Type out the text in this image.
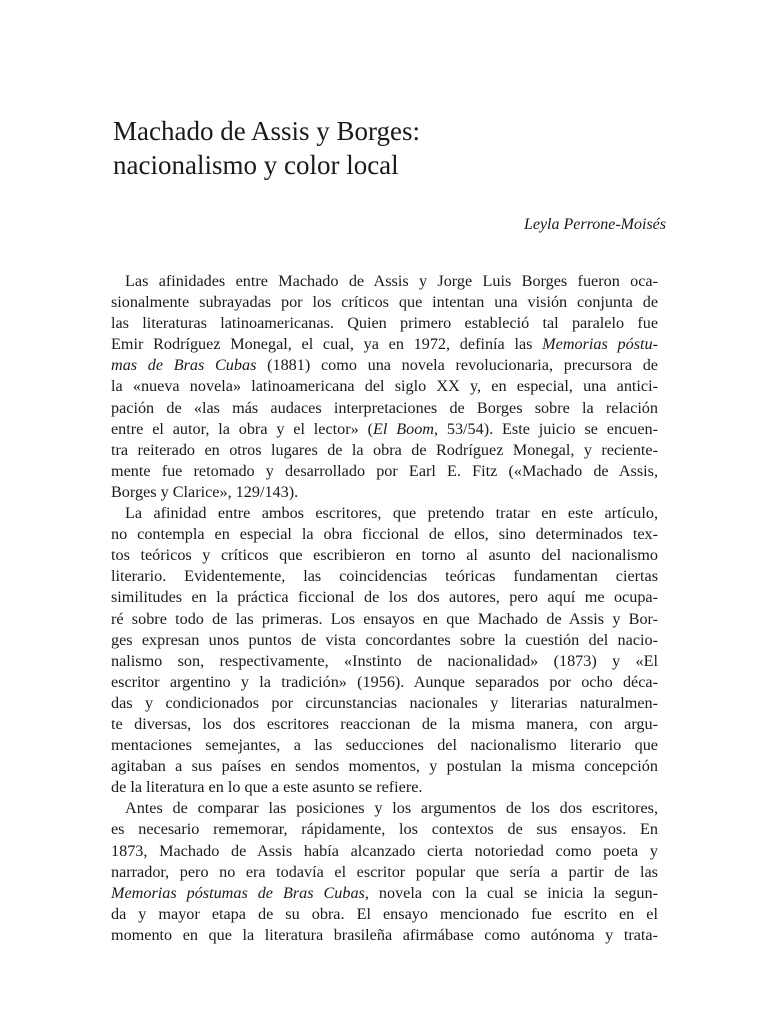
Machado de Assis y Borges:
nacionalismo y color local
Leyla Perrone-Moisés
Las afinidades entre Machado de Assis y Jorge Luis Borges fueron oca-
sionalmente subrayadas por los críticos que intentan una visión conjunta de
las literaturas latinoamericanas. Quien primero estableció tal paralelo fue
Emir Rodríguez Monegal, el cual, ya en 1972, definía las Memorias póstu-
mas de Bras Cubas (1881) como una novela revolucionaria, precursora de
la «nueva novela» latinoamericana del siglo XX y, en especial, una antici-
pación de «las más audaces interpretaciones de Borges sobre la relación
entre el autor, la obra y el lector» (El Boom, 53/54). Este juicio se encuen-
tra reiterado en otros lugares de la obra de Rodríguez Monegal, y reciente-
mente fue retomado y desarrollado por Earl E. Fitz («Machado de Assis,
Borges y Clarice», 129/143).
La afinidad entre ambos escritores, que pretendo tratar en este artículo,
no contempla en especial la obra ficcional de ellos, sino determinados tex-
tos teóricos y críticos que escribieron en torno al asunto del nacionalismo
literario. Evidentemente, las coincidencias teóricas fundamentan ciertas
similitudes en la práctica ficcional de los dos autores, pero aquí me ocupa-
ré sobre todo de las primeras. Los ensayos en que Machado de Assis y Bor-
ges expresan unos puntos de vista concordantes sobre la cuestión del nacio-
nalismo son, respectivamente, «Instinto de nacionalidad» (1873) y «El
escritor argentino y la tradición» (1956). Aunque separados por ocho déca-
das y condicionados por circunstancias nacionales y literarias naturalmen-
te diversas, los dos escritores reaccionan de la misma manera, con argu-
mentaciones semejantes, a las seducciones del nacionalismo literario que
agitaban a sus países en sendos momentos, y postulan la misma concepción
de la literatura en lo que a este asunto se refiere.
Antes de comparar las posiciones y los argumentos de los dos escritores,
es necesario rememorar, rápidamente, los contextos de sus ensayos. En
1873, Machado de Assis había alcanzado cierta notoriedad como poeta y
narrador, pero no era todavía el escritor popular que sería a partir de las
Memorias póstumas de Bras Cubas, novela con la cual se inicia la segun-
da y mayor etapa de su obra. El ensayo mencionado fue escrito en el
momento en que la literatura brasileña afirmábase como autónoma y trata-
